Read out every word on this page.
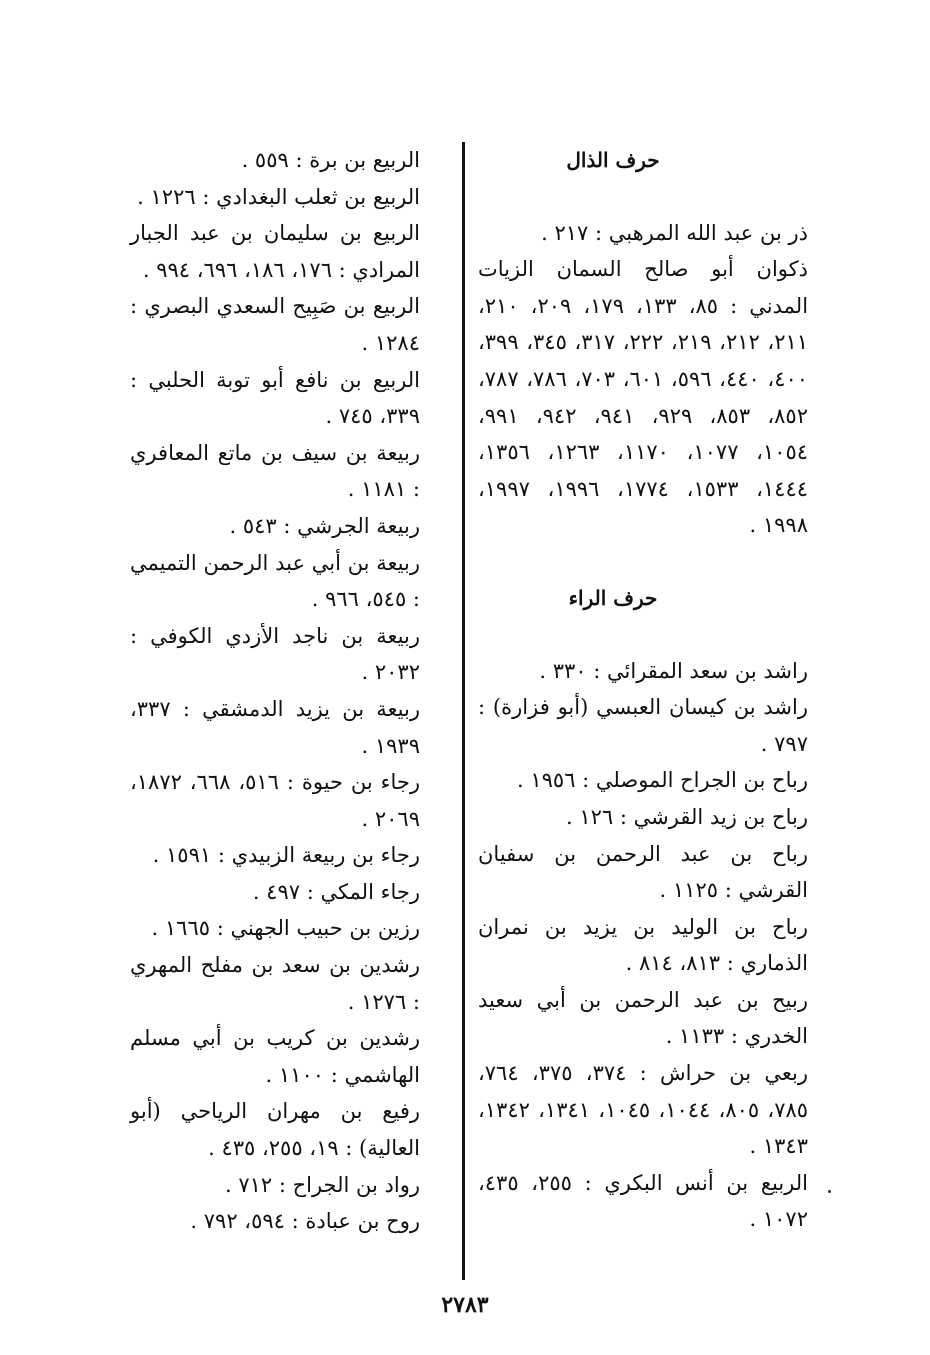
حرف الذال

ذر بن عبد الله المرهبي : ٢١٧ .

ذكوان أبو صالح السمان الزيات المدني : ٨٥، ١٣٣، ١٧٩، ٢٠٩، ٢١٠، ٢١١، ٢١٢، ٢١٩، ٢٢٢، ٣١٧، ٣٤٥، ٣٩٩، ٤٠٠، ٤٤٠، ٥٩٦، ٦٠١، ٧٠٣، ٧٨٦، ٧٨٧، ٨٥٢، ٨٥٣، ٩٢٩، ٩٤١، ٩٤٢، ٩٩١، ١٠٥٤، ١٠٧٧، ١١٧٠، ١٢٦٣، ١٣٥٦، ١٤٤٤، ١٥٣٣، ١٧٧٤، ١٩٩٦، ١٩٩٧، ١٩٩٨ .

حرف الراء

راشد بن سعد المقرائي : ٣٣٠ .

راشد بن كيسان العبسي (أبو فزارة) : ٧٩٧ .

رباح بن الجراح الموصلي : ١٩٥٦ .

رباح بن زيد القرشي : ١٢٦ .

رباح بن عبد الرحمن بن سفيان القرشي : ١١٢٥ .

رباح بن الوليد بن يزيد بن نمران الذماري : ٨١٣، ٨١٤ .

ربيح بن عبد الرحمن بن أبي سعيد الخدري : ١١٣٣ .

ربعي بن حراش : ٣٧٤، ٣٧٥، ٧٦٤، ٧٨٥، ٨٠٥، ١٠٤٤، ١٠٤٥، ١٣٤١، ١٣٤٢، ١٣٤٣ .

الربيع بن أنس البكري : ٢٥٥، ٤٣٥، ١٠٧٢ .

الربيع بن برة : ٥٥٩ .

الربيع بن ثعلب البغدادي : ١٢٢٦ .

الربيع بن سليمان بن عبد الجبار المرادي : ١٧٦، ١٨٦، ٦٩٦، ٩٩٤ .

الربيع بن صَبِيح السعدي البصري : ١٢٨٤ .

الربيع بن نافع أبو توبة الحلبي : ٣٣٩، ٧٤٥ .

ربيعة بن سيف بن ماتع المعافري : ١١٨١ .

ربيعة الجرشي : ٥٤٣ .

ربيعة بن أبي عبد الرحمن التميمي : ٥٤٥، ٩٦٦ .

ربيعة بن ناجد الأزدي الكوفي : ٢٠٣٢ .

ربيعة بن يزيد الدمشقي : ٣٣٧، ١٩٣٩ .

رجاء بن حيوة : ٥١٦، ٦٦٨، ١٨٧٢، ٢٠٦٩ .

رجاء بن ربيعة الزبيدي : ١٥٩١ .

رجاء المكي : ٤٩٧ .

رزين بن حبيب الجهني : ١٦٦٥ .

رشدين بن سعد بن مفلح المهري : ١٢٧٦ .

رشدين بن كريب بن أبي مسلم الهاشمي : ١١٠٠ .

رفيع بن مهران الرياحي (أبو العالية) : ١٩، ٢٥٥، ٤٣٥ .

رواد بن الجراح : ٧١٢ .

روح بن عبادة : ٥٩٤، ٧٩٢ .

٢٧٨٣
